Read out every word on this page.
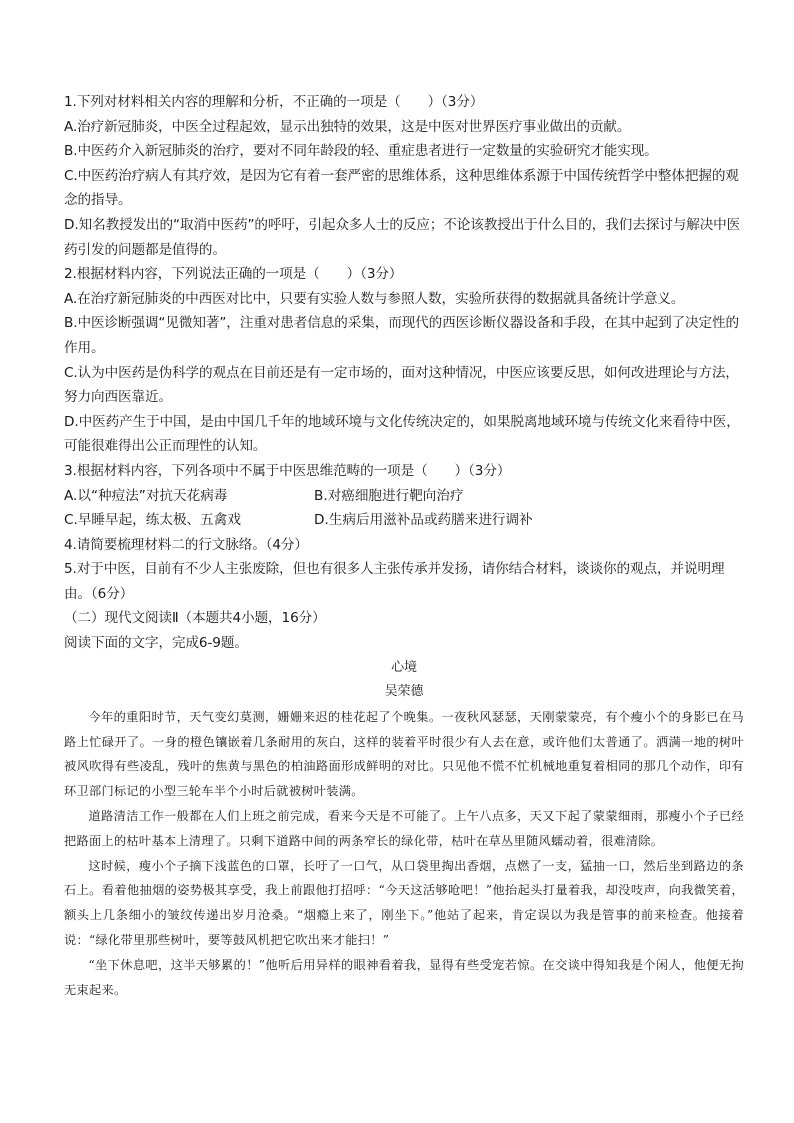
1.下列对材料相关内容的理解和分析，不正确的一项是（　　）（3分）

A.治疗新冠肺炎，中医全过程起效，显示出独特的效果，这是中医对世界医疗事业做出的贡献。

B.中医药介入新冠肺炎的治疗，要对不同年龄段的轻、重症患者进行一定数量的实验研究才能实现。

C.中医药治疗病人有其疗效，是因为它有着一套严密的思维体系，这种思维体系源于中国传统哲学中整体把握的观念的指导。

D.知名教授发出的“取消中医药”的呼吁，引起众多人士的反应；不论该教授出于什么目的，我们去探讨与解决中医药引发的问题都是值得的。

2.根据材料内容，下列说法正确的一项是（　　）（3分）

A.在治疗新冠肺炎的中西医对比中，只要有实验人数与参照人数，实验所获得的数据就具备统计学意义。

B.中医诊断强调“见微知著”，注重对患者信息的采集，而现代的西医诊断仪器设备和手段，在其中起到了决定性的作用。

C.认为中医药是伪科学的观点在目前还是有一定市场的，面对这种情况，中医应该要反思，如何改进理论与方法，努力向西医靠近。

D.中医药产生于中国，是由中国几千年的地域环境与文化传统决定的，如果脱离地域环境与传统文化来看待中医，可能很难得出公正而理性的认知。

3.根据材料内容，下列各项中不属于中医思维范畴的一项是（　　）（3分）

A.以“种痘法”对抗天花病毒	B.对癌细胞进行靶向治疗
C.早睡早起，练太极、五禽戏	D.生病后用滋补品或药膳来进行调补

4.请简要梳理材料二的行文脉络。（4分）

5.对于中医，目前有不少人主张废除，但也有很多人主张传承并发扬，请你结合材料，谈谈你的观点，并说明理由。（6分）

（二）现代文阅读Ⅱ（本题共4小题，16分）

阅读下面的文字，完成6-9题。

心境

吴荣德

今年的重阳时节，天气变幻莫测，姗姗来迟的桂花起了个晚集。一夜秋风瑟瑟，天刚蒙蒙亮，有个瘦小个的身影已在马路上忙碌开了。一身的橙色镶嵌着几条耐用的灰白，这样的装着平时很少有人去在意，或许他们太普通了。洒满一地的树叶被风吹得有些凌乱，残叶的焦黄与黑色的柏油路面形成鲜明的对比。只见他不慌不忙机械地重复着相同的那几个动作，印有环卫部门标记的小型三轮车半个小时后就被树叶装满。

道路清洁工作一般都在人们上班之前完成，看来今天是不可能了。上午八点多，天又下起了蒙蒙细雨，那瘦小个子已经把路面上的枯叶基本上清理了。只剩下道路中间的两条窄长的绿化带，枯叶在草丛里随风蠕动着，很难清除。

这时候，瘦小个子摘下浅蓝色的口罩，长吁了一口气，从口袋里掏出香烟，点燃了一支，猛抽一口，然后坐到路边的条石上。看着他抽烟的姿势极其享受，我上前跟他打招呼：“今天这活够呛吧！”他抬起头打量着我，却没吱声，向我微笑着，额头上几条细小的皱纹传递出岁月沧桑。“烟瘾上来了，刚坐下。”他站了起来，肯定误以为我是管事的前来检查。他接着说：“绿化带里那些树叶，要等鼓风机把它吹出来才能扫！”

“坐下休息吧，这半天够累的！”他听后用异样的眼神看着我，显得有些受宠若惊。在交谈中得知我是个闲人，他便无拘无束起来。
